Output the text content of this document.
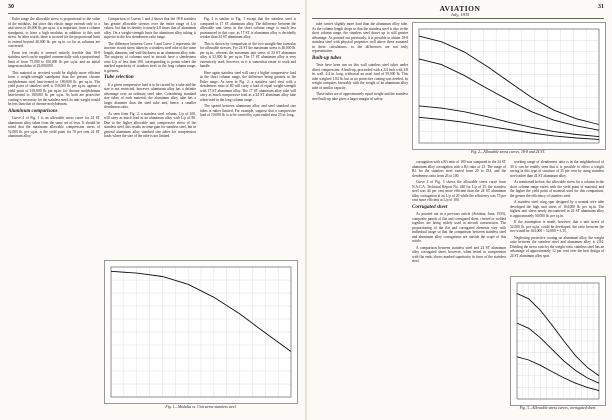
30

Euler range the allowable stress is proportional to the value of the modulus, but since this elastic range extends only to a unit stress of 40,000 lb. per sq.in. it is important, from a column standpoint, to have a high modulus in addition to this unit stress. In other words, there is no need for the proportional limit to extend beyond 40,000 lb. per sq.in. so far as columns are concerned.

From test results it seemed entirely feasible that 18-8 stainless steel can be supplied commercially with a proportional limit of from 75,000 to 100,000 lb. per sq.in. and an initial tangent modulus of 29,000,000.

This material as received would be slightly more efficient from a weight-strength standpoint than the present chrome molybdenum steel heat-treated to 180,000 lb. per sq.in. The yield point of stainless steel is 150,000 lb. per sq.in. against a yield point of 165,000 lb. per sq.in. for chrome molybdenum heat-treated to 180,000 lb. per sq.in. As both are protective coating is necessary for the stainless steel, its unit weight would be less than that of chrome molybdenum.

Aluminum comparisons

Curve 4 of Fig. 1 is an allowable stress curve for 24 ST aluminum alloy taken from the same set of tests. It should be noted that the maximum allowable compression stress of 52,000 lb. per sq.in. is the yield point for 70 per cent 24 ST aluminum alloy.

Comparison of Curves 1 and 2 shows that the 18-8 stainless has greater allowable stresses over the entire range of L/ρ values, but that its density is nearly 2.8 times that of aluminum alloy. On a weight-strength basis the aluminum alloy tubing is superior in the low slenderness ratio range.

The difference between Curve 3 and Curve 2 represents the increase in unit stress taken by a stainless steel tube of the same length, diameter, and wall thickness as an aluminum alloy tube. The majority of columns used in aircraft have a slenderness ratio L/ρ of less than 100, corresponding to points where the marked superiority of stainless steel, in the long column range, is greatest.

Tube selection

If a given compressive load is to be carried by a tube and the size is not restricted, however, aluminum alloy has a definite advantage over an ordinary steel tube. Considering standard size tubes of each material, the aluminum alloy tube has a larger diameter than the steel tube and, hence, a smaller slenderness ratio.

As seen from Fig. 2, a stainless steel column, L/ρ of 100, will carry as much load as an aluminum alloy with L/ρ of 80. Due to the higher allowable unit compressive stress of the stainless steel, this results in some gain for stainless steel, but in general aluminum alloy standard size tubes for compression loads where the size of the tube is not limited.

Fig. 2 is similar to Fig. 1 except that the stainless steel is compared to 17 ST aluminum alloy. The difference between the allowable unit stress in the short column range is much less pronounced in this case, as 17 ST is aluminum alloy is decidedly weaker than 24 ST aluminum alloy.

This is shown by comparison of the two straight-line formulas for allowable stresses. For 24 ST the maximum stress is 40,000 lb. per sq.in., whereas the maximum unit stress of 24 ST aluminum alloy is 52,000 lb. per sq.in. The 17 ST aluminum alloy is very extensively used, however, as it is somewhat easier to work and handle.

Here again stainless steel will carry a higher compressive load in the short column range, the difference being greatest in the Euler range. As seen in Fig. 2, a stainless steel strut with a slenderness ratio of 80 will carry a load of equal weight-strength with 17 ST aluminum alloy. The 17 ST aluminum alloy tube will carry as much compressive load as a 24 ST aluminum alloy tube when used in the long column range.

The spread between aluminum alloy and steel standard size tubes is rather limited. For example, suppose that a compressive load of 10,000 lb. is to be carried by a pin-ended strut 25 in. long.

Fig. 1—Modulus vs. Unit stress-stainless steel.
AVIATION
July, 1935
31
Fig. 2—Allowable stress curves, 18-8 and 24 ST.

tube carries slightly more load than the aluminum alloy tube. As the column length drops so that the stainless steel is also in the short column range, the stainless steel draws up to still greater advantage. As pointed out previously, it is possible to obtain 18-8 stainless steel with physical properties well above those assumed in these calculations, so the differences are not truly representative.

Built-up tubes

Tests have been run on this wall stainless steel tubes under direct compression. A built-up, proceeded with a 2/4 inch with 3/8 in. wall, 2/4 in. long, withstood an axial load of 59,000 lb. This tube weighed 1.84 lb. but as no protective coating was needed, its weight compares favorably with the weight of an aluminum alloy tube of similar capacity.

These tubes are of approximately equal weight and the stainless steel built-up tube gives a larger margin of safety.

corrugation with a R/t ratio of 100 was compared to the 24 ST aluminum alloy corrugation with a R/t ratio of 25. The range of R/t for the stainless steel varied from 20 to 254, and the slenderness ratio from 25 to 100.

Curve 4 of Fig. 3 shows the allowable stress curve from N.A.C.A. Technical Report No. 440 for L/ρ of 25, the stainless steel was 44 per cent more efficient than the 24 ST aluminum alloy corrugation at an L/ρ of 20 while the efficiency was 75 per cent more efficient at L/ρ of 100.

Corrugated sheet

As pointed out in a previous article (Aviation, June, 1935), composite panels of flat and corrugated sheet, riveted or welded together, are being widely used in aircraft construction. The proportioning of the flat and corrugated elements vary with individual usage so that the comparison between stainless steel and aluminum alloy corrugations are outside the scope of this article.

A comparison between stainless steel and 24 ST aluminum alloy corrugated sheet, however, when tested in compression with flat ends, shows marked superiority in favor of the stainless steel.

working range of slenderness ratio is in the neighborhood of 30 it can be readily seen that it is possible to effect a weight saving in this type of structure of 35 per cent by using stainless steel rather than 24 ST aluminum alloy.

As mentioned before, the allowable stress for a column in the short column range varies with the yield point of material, and the higher the yield point of material used for this comparison, the greater the efficiency of stainless steel.

A stainless steel wing spar designed by a normal wire tube developed the high unit stress of 164,000 lb. per sq.in. The highest unit stress nearly encountered in 24 ST aluminum alloy is approximately 50,000 lb. per sq.in.

If the assumption is made, however, that a unit stress of 52,000 lb. per sq.in. could be developed, the ratio between the two would be 164,000 ÷ 52,000 = 3.15.

Neglecting protective coating on aluminum alloy, the weight ratio between the stainless steel and aluminum alloy is 2.94. Dividing the stress ratio by the weight ratio, stainless steel has an advantage of approximately 12 per cent over the best design of 24 ST aluminum alloy spar.

Fig. 3—Allowable stress curves, corrugated sheet.
